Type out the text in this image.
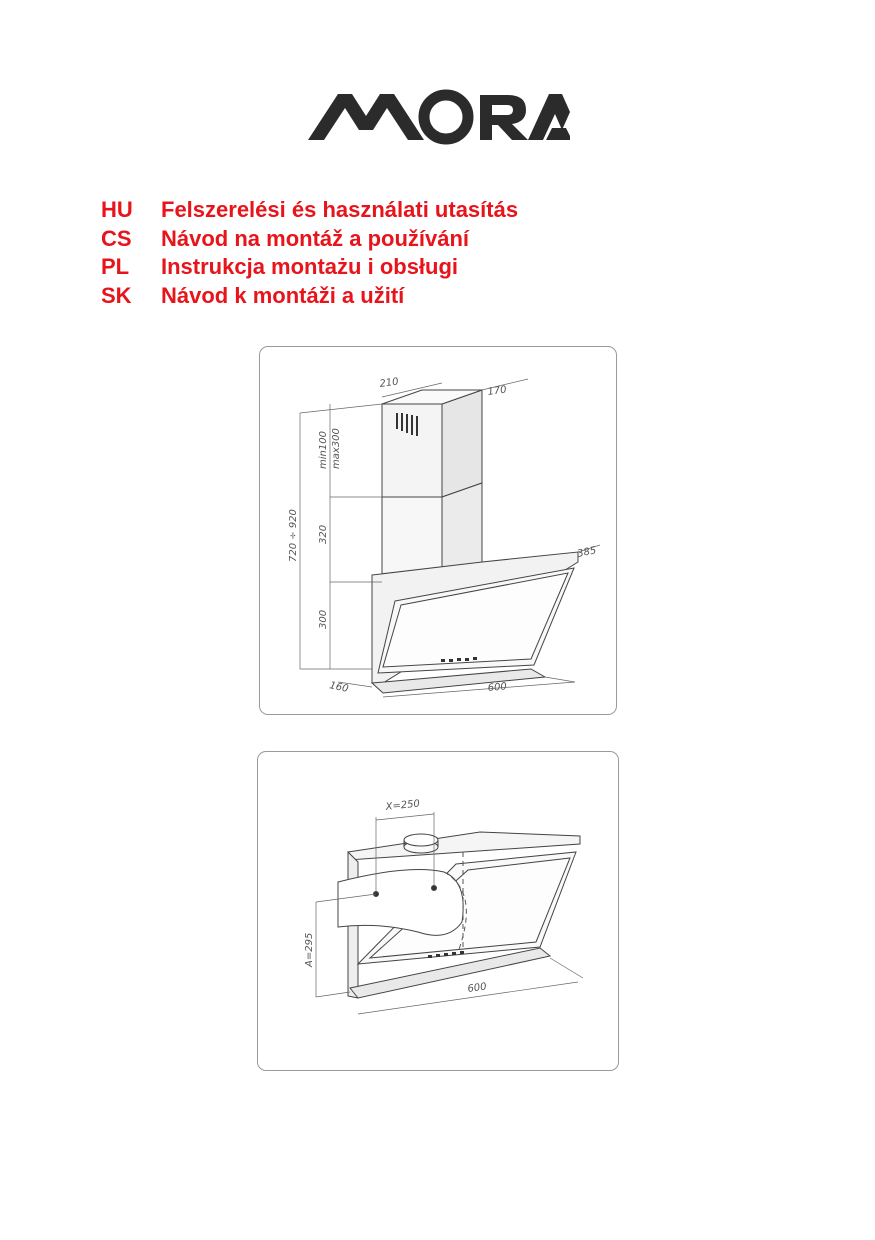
HU	Felszerelési és használati utasítás
CS	Návod na montáž a používání
PL	Instrukcja montażu i obsługi
SK	Návod k montáži a užití
210
170
385
min100 max300
320
720 ÷ 920
300
160	600
X=250
A=295
600
